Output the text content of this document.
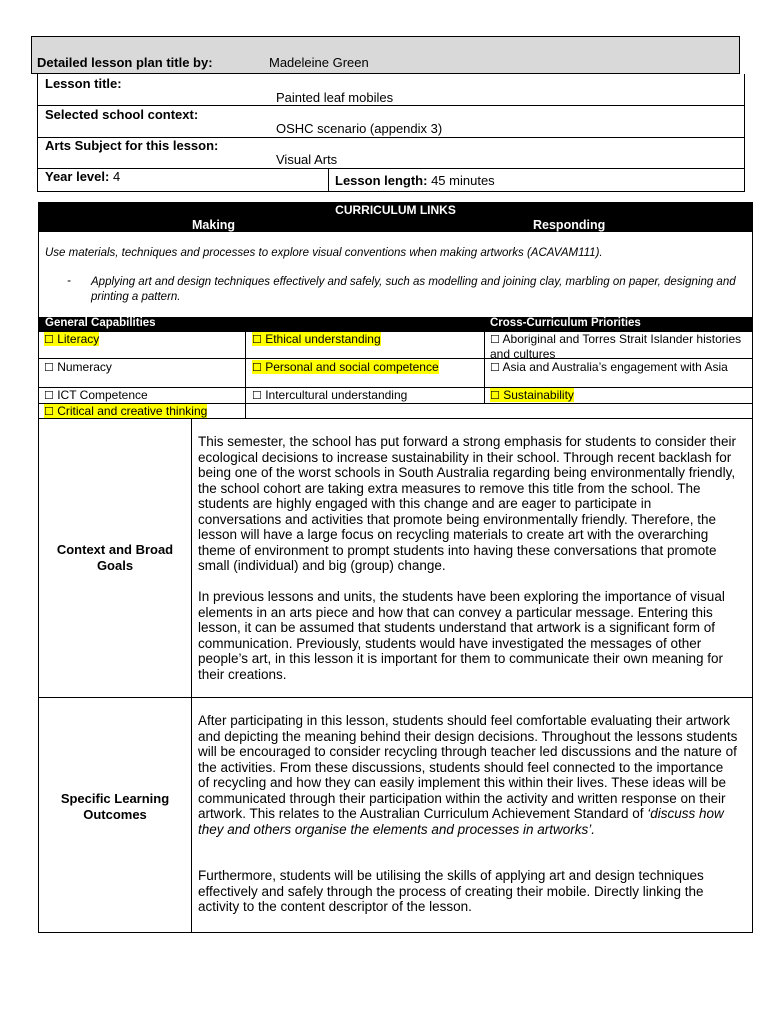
Detailed lesson plan title by:	Madeleine Green
Lesson title:
Painted leaf mobiles
Selected school context:
OSHC scenario (appendix 3)
Arts Subject for this lesson:
Visual Arts
Year level: 4	Lesson length: 45 minutes
CURRICULUM LINKS
Making	Responding
Use materials, techniques and processes to explore visual conventions when making artworks (ACAVAM111).
- Applying art and design techniques effectively and safely, such as modelling and joining clay, marbling on paper, designing and printing a pattern.
General Capabilities	Cross-Curriculum Priorities
☐ Literacy	☐ Ethical understanding	☐ Aboriginal and Torres Strait Islander histories and cultures
☐ Numeracy	☐ Personal and social competence	☐ Asia and Australia’s engagement with Asia
☐ ICT Competence	☐ Intercultural understanding	☐ Sustainability
☐ Critical and creative thinking
Context and Broad Goals
This semester, the school has put forward a strong emphasis for students to consider their ecological decisions to increase sustainability in their school. Through recent backlash for being one of the worst schools in South Australia regarding being environmentally friendly, the school cohort are taking extra measures to remove this title from the school. The students are highly engaged with this change and are eager to participate in conversations and activities that promote being environmentally friendly. Therefore, the lesson will have a large focus on recycling materials to create art with the overarching theme of environment to prompt students into having these conversations that promote small (individual) and big (group) change.
In previous lessons and units, the students have been exploring the importance of visual elements in an arts piece and how that can convey a particular message. Entering this lesson, it can be assumed that students understand that artwork is a significant form of communication. Previously, students would have investigated the messages of other people’s art, in this lesson it is important for them to communicate their own meaning for their creations.
Specific Learning Outcomes
After participating in this lesson, students should feel comfortable evaluating their artwork and depicting the meaning behind their design decisions. Throughout the lessons students will be encouraged to consider recycling through teacher led discussions and the nature of the activities. From these discussions, students should feel connected to the importance of recycling and how they can easily implement this within their lives. These ideas will be communicated through their participation within the activity and written response on their artwork. This relates to the Australian Curriculum Achievement Standard of ‘discuss how they and others organise the elements and processes in artworks’.
Furthermore, students will be utilising the skills of applying art and design techniques effectively and safely through the process of creating their mobile. Directly linking the activity to the content descriptor of the lesson.
